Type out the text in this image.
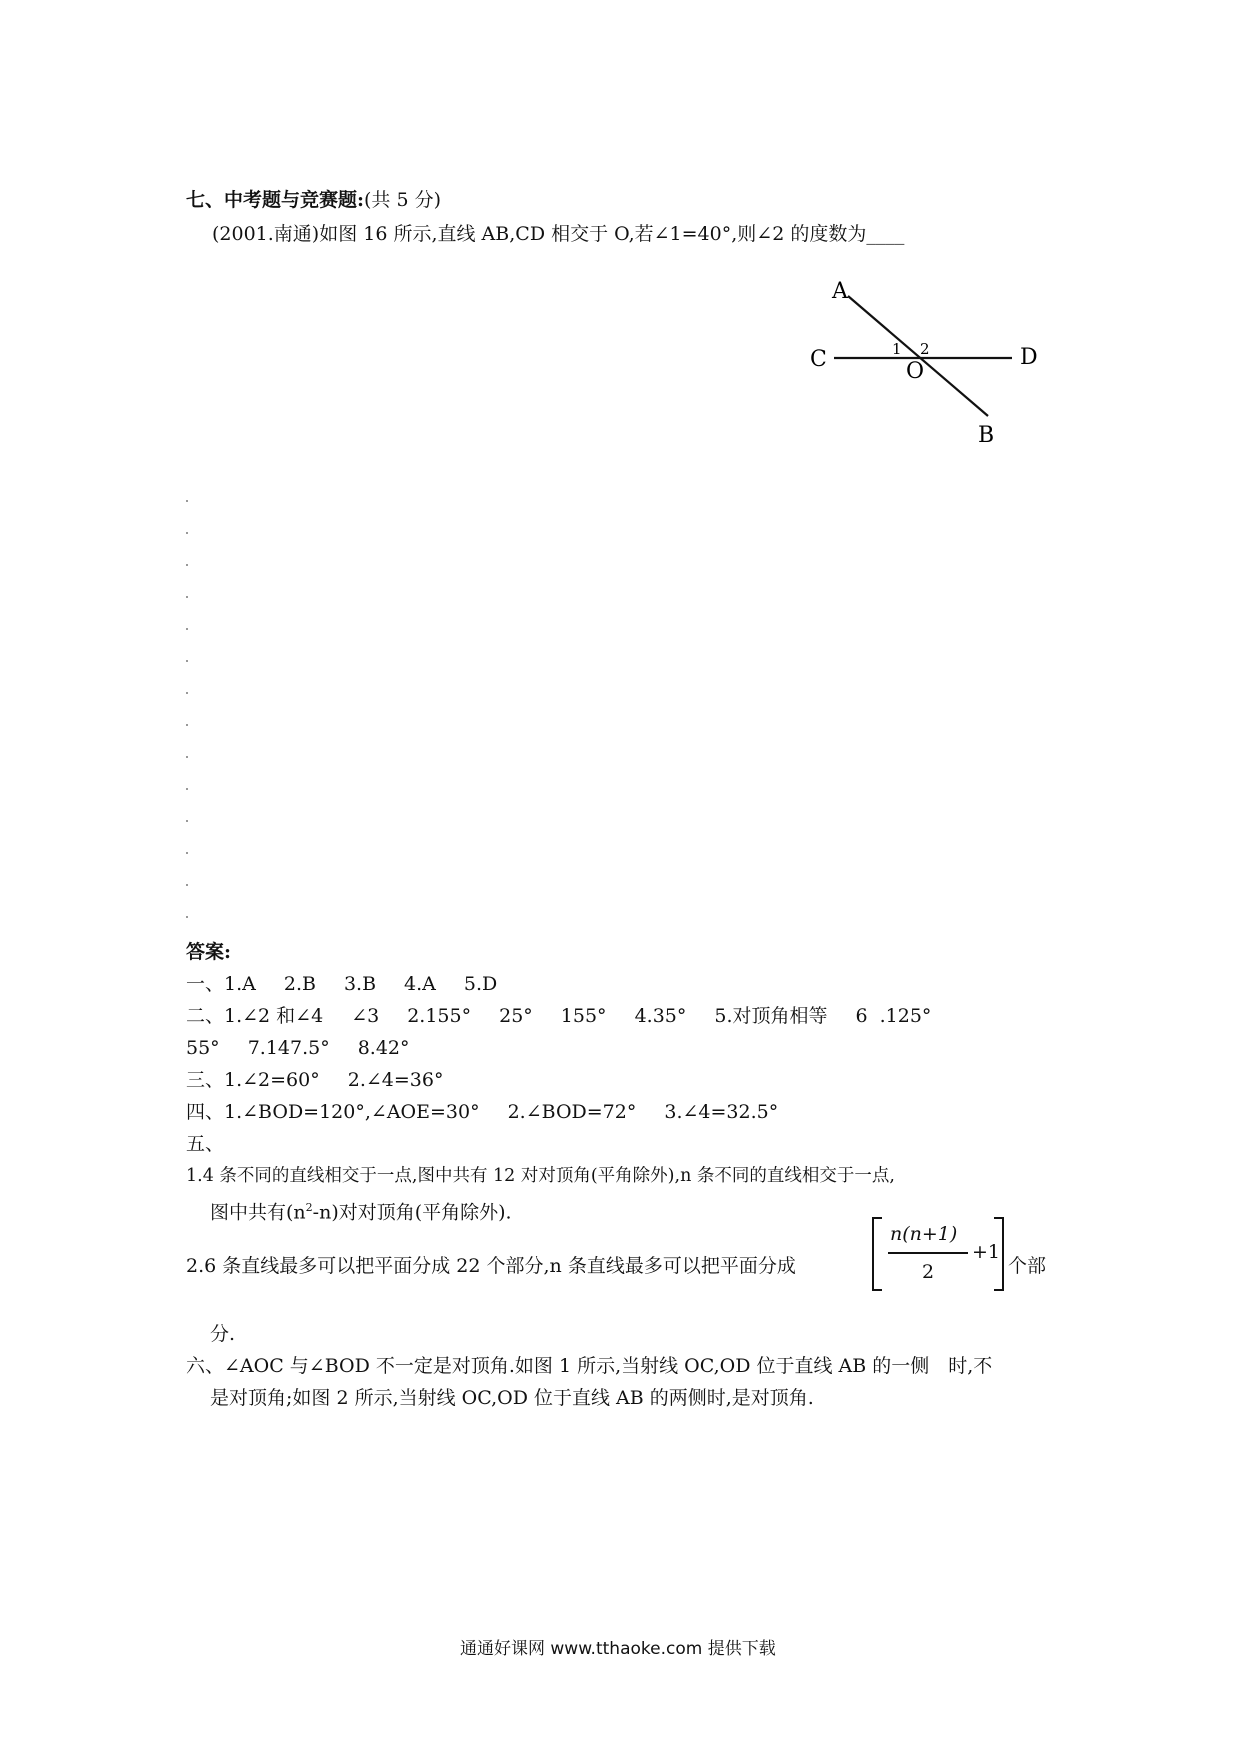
七、中考题与竞赛题:(共 5 分)
(2001.南通)如图 16 所示,直线 AB,CD 相交于 O,若∠1=40°,则∠2 的度数为____
A
C	D
B
O
1 2
答案:
一、1.A 2.B 3.B 4.A 5.D
二、1.∠2 和∠4 ∠3 2.155° 25° 155° 4.35° 5.对顶角相等 6 .125°
55° 7.147.5° 8.42°
三、1.∠2=60° 2.∠4=36°
四、1.∠BOD=120°,∠AOE=30° 2.∠BOD=72° 3.∠4=32.5°
五、
1.4 条不同的直线相交于一点,图中共有 12 对对顶角(平角除外),n 条不同的直线相交于一点,
图中共有$(n^2-n)$对对顶角(平角除外).
2.6 条直线最多可以把平面分成 22 个部分,n 条直线最多可以把平面分成
n(n+1)
2
+1
个部
分.
六、∠AOC 与∠BOD 不一定是对顶角.如图 1 所示,当射线 OC,OD 位于直线 AB 的一侧　时,不
是对顶角;如图 2 所示,当射线 OC,OD 位于直线 AB 的两侧时,是对顶角.
通通好课网 www.tthaoke.com 提供下载
